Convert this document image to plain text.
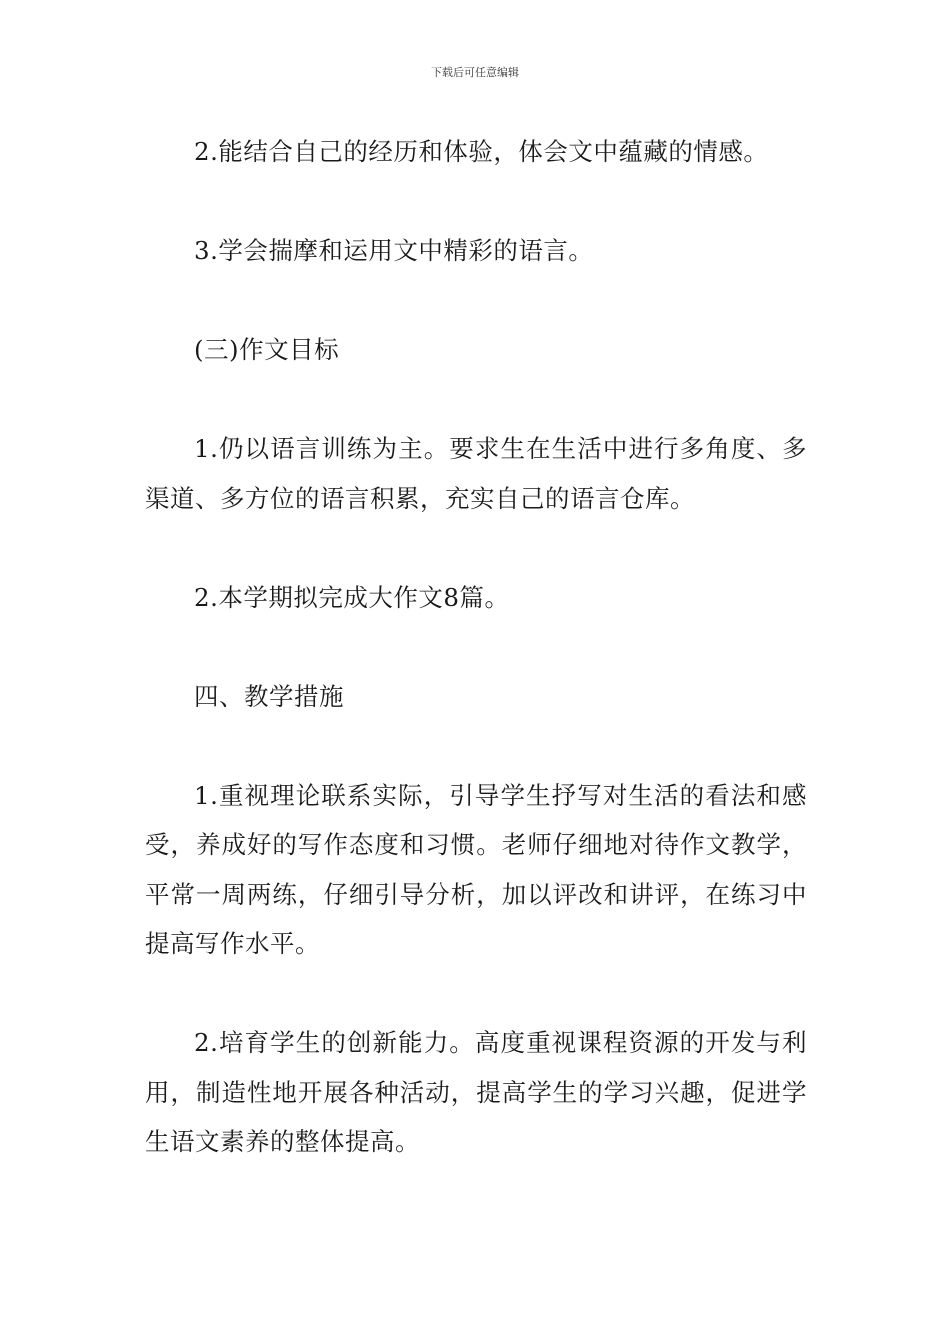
下载后可任意编辑

2.能结合自己的经历和体验，体会文中蕴藏的情感。

3.学会揣摩和运用文中精彩的语言。

(三)作文目标

1.仍以语言训练为主。要求生在生活中进行多角度、多渠道、多方位的语言积累，充实自己的语言仓库。

2.本学期拟完成大作文8篇。

四、教学措施

1.重视理论联系实际，引导学生抒写对生活的看法和感受，养成好的写作态度和习惯。老师仔细地对待作文教学，平常一周两练，仔细引导分析，加以评改和讲评，在练习中提高写作水平。

2.培育学生的创新能力。高度重视课程资源的开发与利用，制造性地开展各种活动，提高学生的学习兴趣，促进学生语文素养的整体提高。
